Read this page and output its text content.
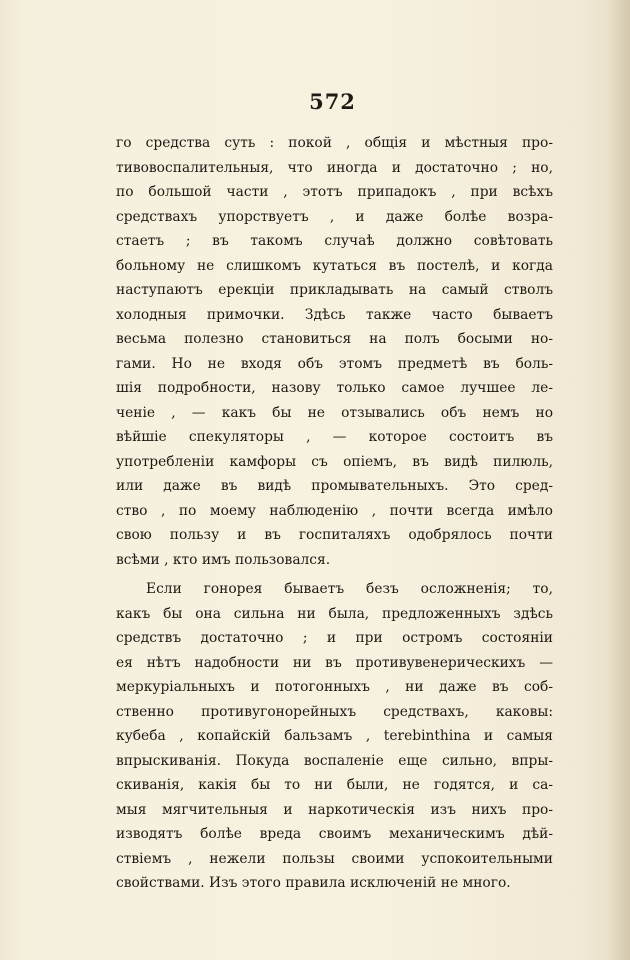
572
го средства суть : покой , общія и мѣстныя про-
тивовоспалительныя, что иногда и достаточно ; но,
по большой части , этотъ припадокъ , при всѣхъ
средствахъ упорствуетъ , и даже болѣе возра-
стаетъ ; въ такомъ случаѣ должно совѣтовать
больному не слишкомъ кутаться въ постелѣ, и когда
наступаютъ ерекціи прикладывать на самый стволъ
холодныя примочки. Здѣсь также часто бываетъ
весьма полезно становиться на полъ босыми но-
гами. Но не входя объ этомъ предметѣ въ боль-
шія подробности, назову только самое лучшее ле-
ченіе , — какъ бы не отзывались объ немъ но
вѣйшіе спекуляторы , — которое состоитъ въ
употребленіи камфоры съ опіемъ, въ видѣ пилюль,
или даже въ видѣ промывательныхъ. Это сред-
ство , по моему наблюденію , почти всегда имѣло
свою пользу и въ госпиталяхъ одобрялось почти
всѣми , кто имъ пользовался.
Если гонорея бываетъ безъ осложненія; то,
какъ бы она сильна ни была, предложенныхъ здѣсь
средствъ достаточно ; и при остромъ состояніи
ея нѣтъ надобности ни въ противувенерическихъ —
меркуріальныхъ и потогонныхъ , ни даже въ соб-
ственно противугонорейныхъ средствахъ, каковы:
кубеба , копайскій бальзамъ , terebinthina и самыя
впрыскиванія. Покуда воспаленіе еще сильно, впры-
скиванія, какія бы то ни были, не годятся, и са-
мыя мягчительныя и наркотическія изъ нихъ про-
изводятъ болѣе вреда своимъ механическимъ дѣй-
ствіемъ , нежели пользы своими успокоительными
свойствами. Изъ этого правила исключеній не много.
